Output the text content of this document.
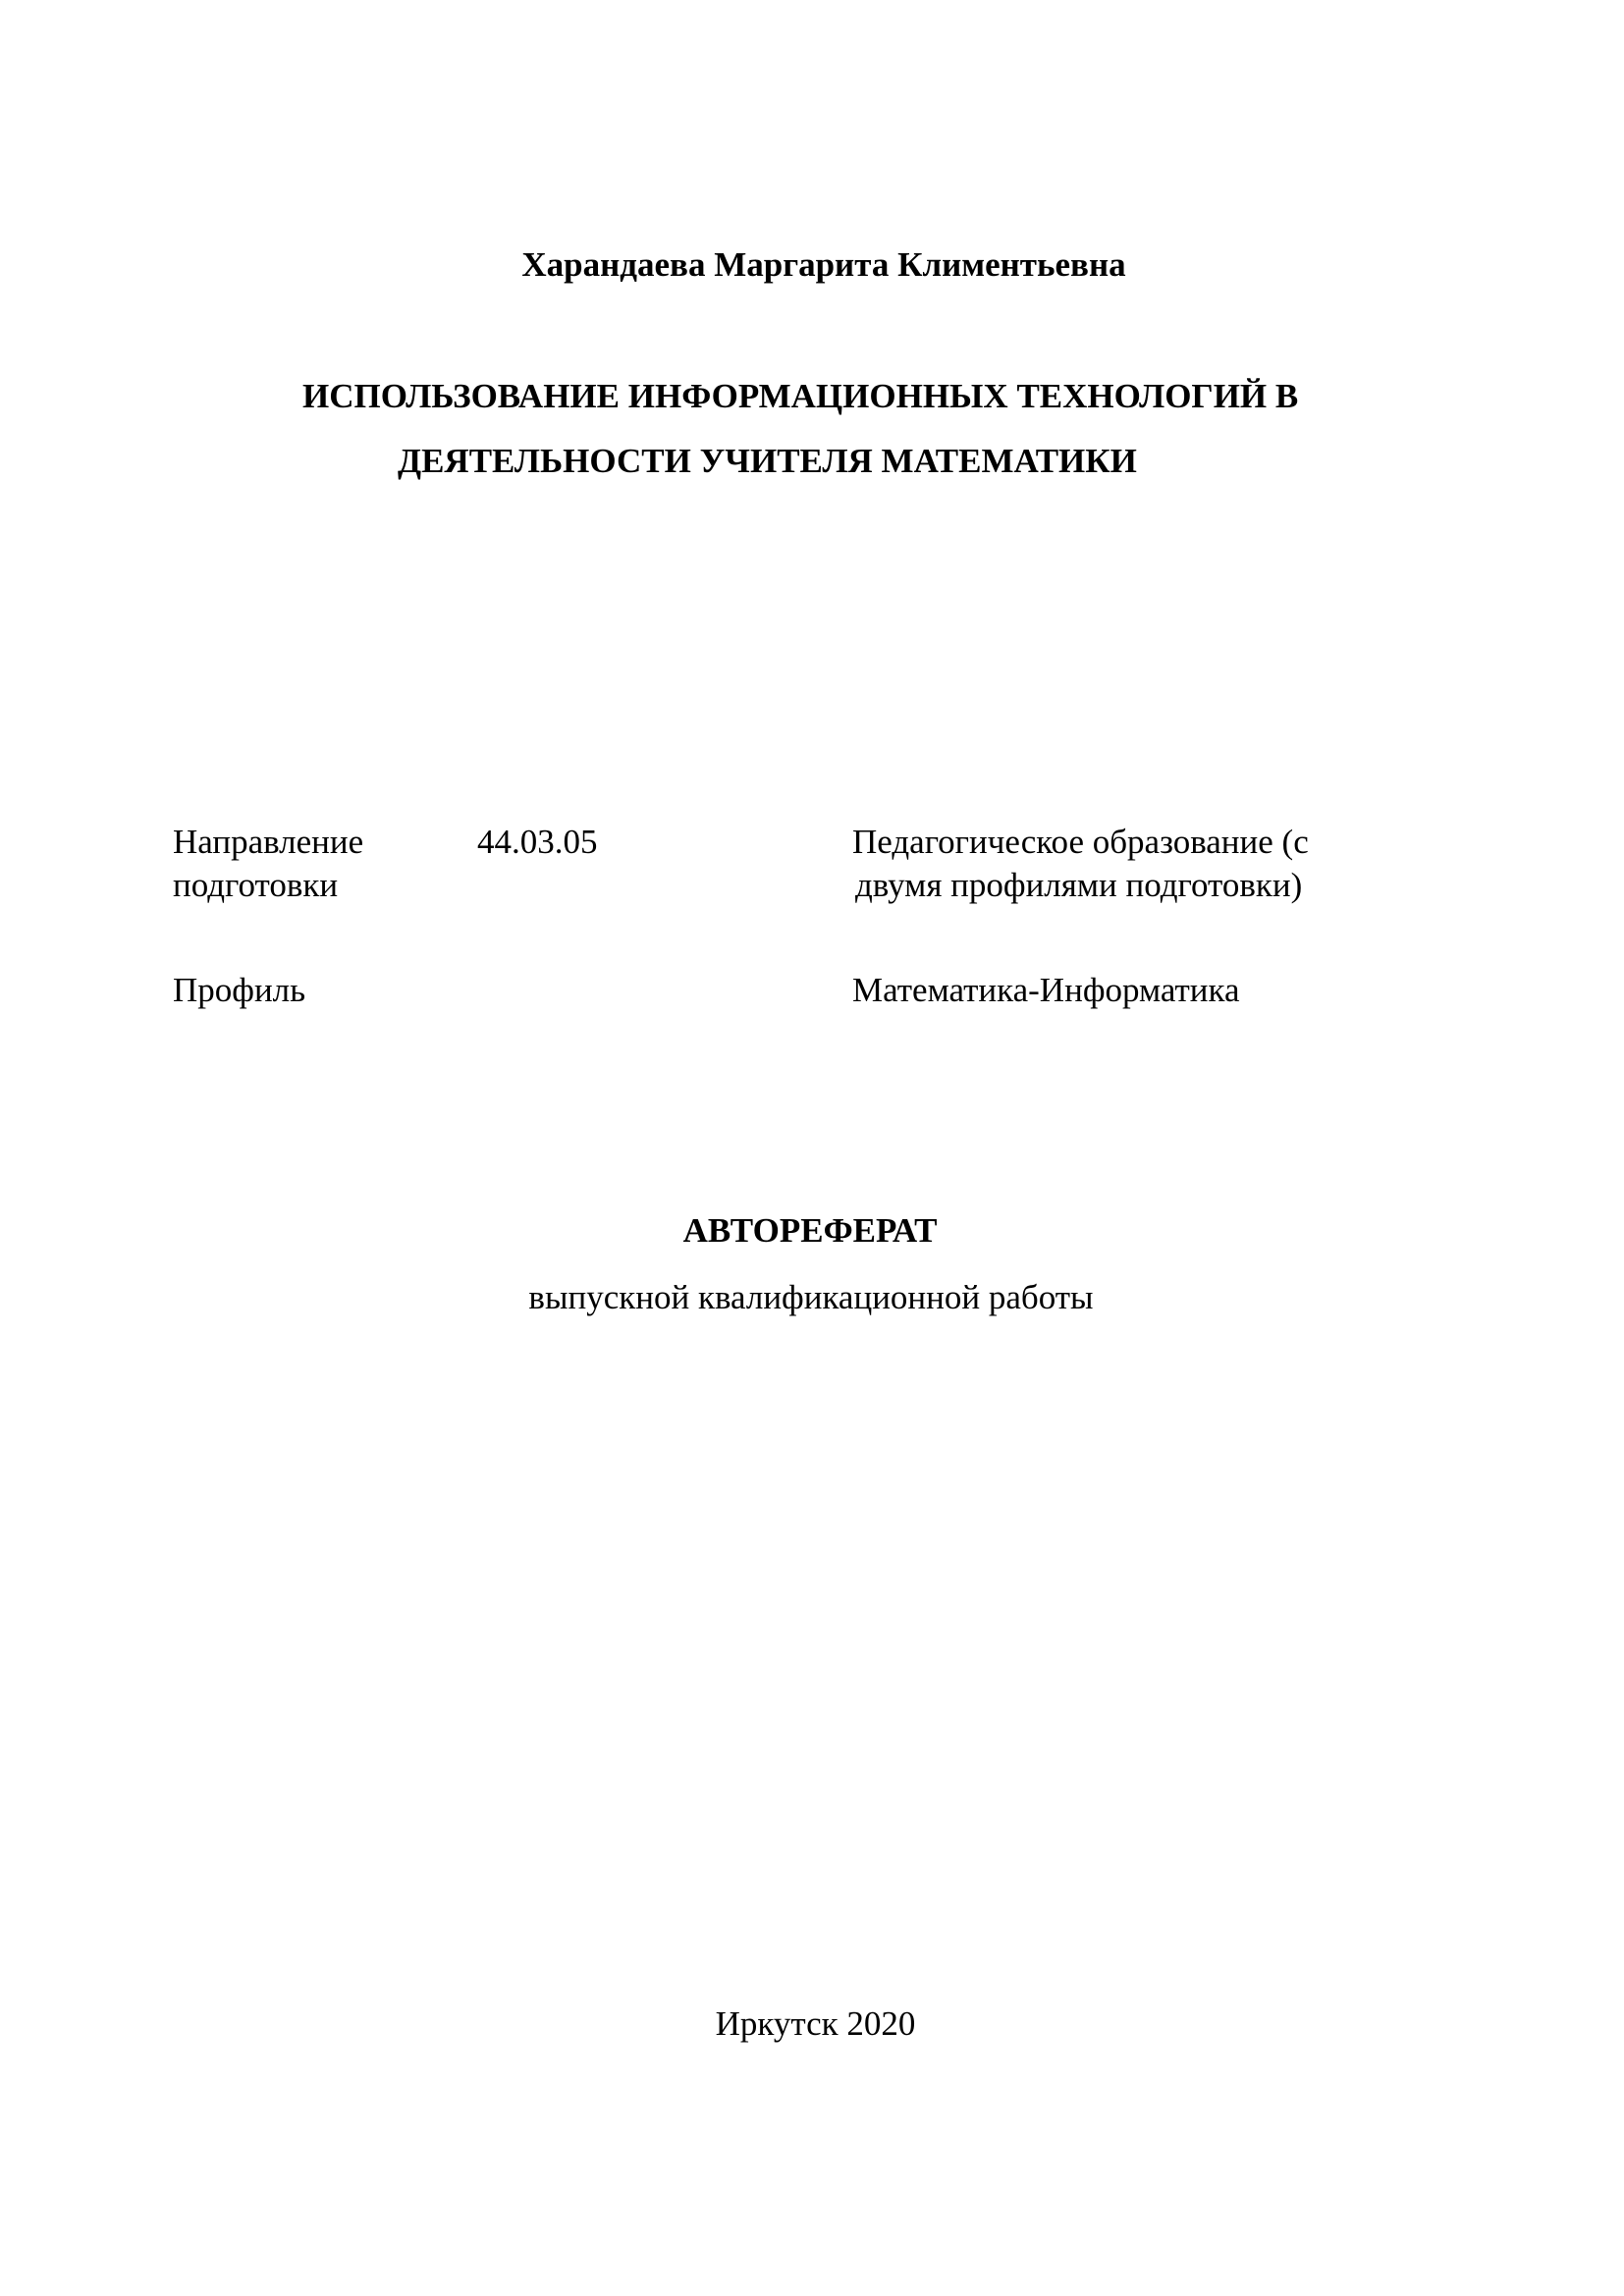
Харандаева Маргарита Климентьевна
ИСПОЛЬЗОВАНИЕ ИНФОРМАЦИОННЫХ ТЕХНОЛОГИЙ В
ДЕЯТЕЛЬНОСТИ УЧИТЕЛЯ МАТЕМАТИКИ
Направление
подготовки
44.03.05	Педагогическое образование (с
двумя профилями подготовки)
Профиль	Математика-Информатика
АВТОРЕФЕРАТ
выпускной квалификационной работы
Иркутск 2020
